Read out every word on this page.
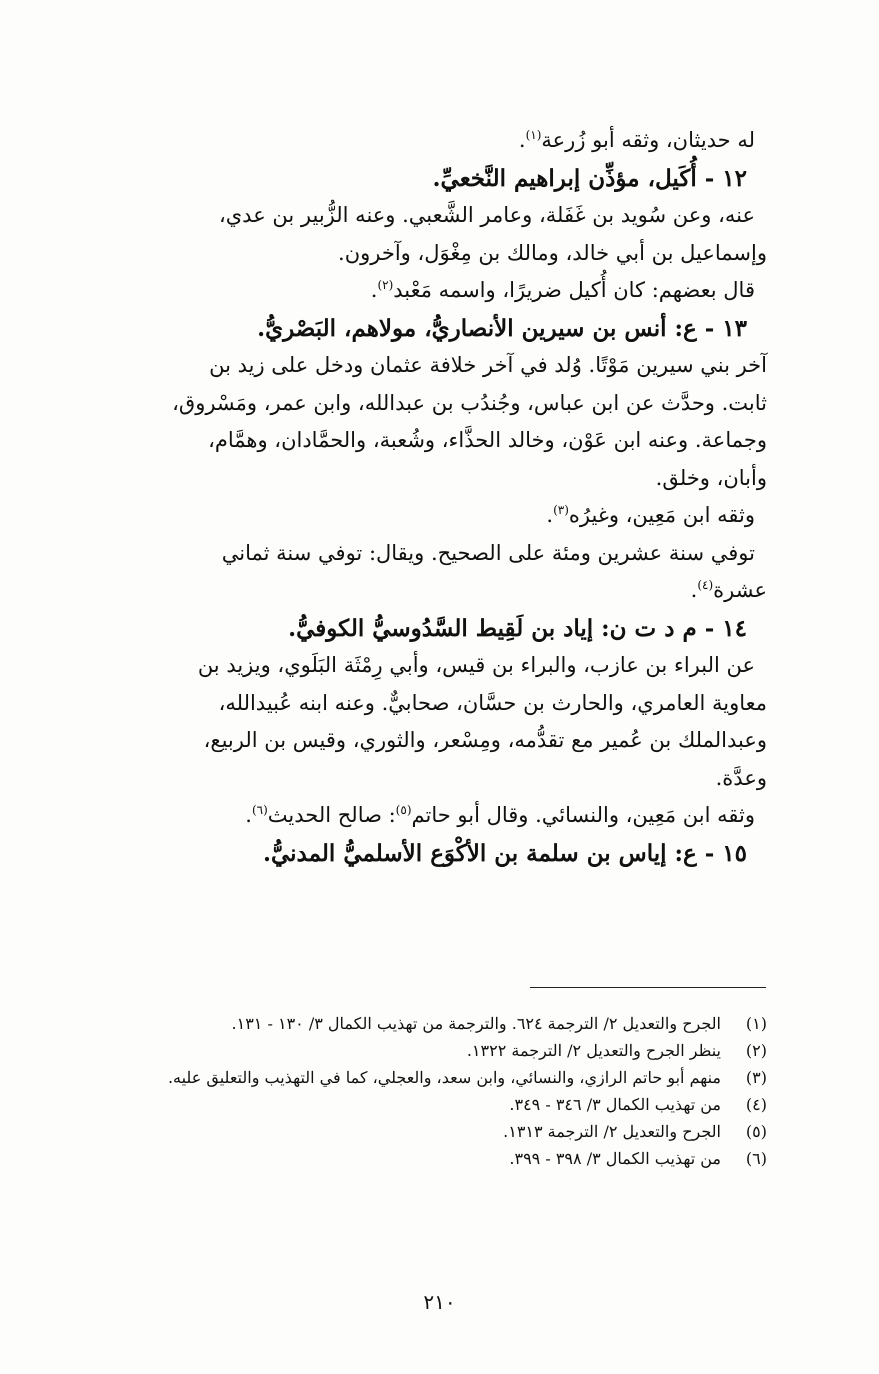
له حديثان، وثقه أبو زُرعة$^{(١)}$.
١٢ - أُكَيل، مؤذِّن إبراهيم النَّخعيِّ.
عنه، وعن سُويد بن غَفَلة، وعامر الشَّعبي. وعنه الزُّبير بن عدي،
وإسماعيل بن أبي خالد، ومالك بن مِغْوَل، وآخرون.
قال بعضهم: كان أُكيل ضريرًا، واسمه مَعْبد$^{(٢)}$.
١٣ - ع: أنس بن سيرين الأنصاريُّ، مولاهم، البَصْريُّ.
آخر بني سيرين مَوْتًا. وُلد في آخر خلافة عثمان ودخل على زيد بن
ثابت. وحدَّث عن ابن عباس، وجُندُب بن عبدالله، وابن عمر، ومَسْروق،
وجماعة. وعنه ابن عَوْن، وخالد الحذَّاء، وشُعبة، والحمَّادان، وهمَّام،
وأبان، وخلق.
وثقه ابن مَعِين، وغيرُه$^{(٣)}$.
توفي سنة عشرين ومئة على الصحيح. ويقال: توفي سنة ثماني
عشرة$^{(٤)}$.
١٤ - م د ت ن: إياد بن لَقِيط السَّدُوسيُّ الكوفيُّ.
عن البراء بن عازب، والبراء بن قيس، وأبي رِمْثَة البَلَوي، ويزيد بن
معاوية العامري، والحارث بن حسَّان، صحابيٌّ. وعنه ابنه عُبيدالله،
وعبدالملك بن عُمير مع تقدُّمه، ومِسْعر، والثوري، وقيس بن الربيع،
وعدَّة.
وثقه ابن مَعِين، والنسائي. وقال أبو حاتم$^{(٥)}$: صالح الحديث$^{(٦)}$.
١٥ - ع: إياس بن سلمة بن الأكْوَع الأسلميُّ المدنيُّ.
(١)
الجرح والتعديل ٢/ الترجمة ٦٢٤. والترجمة من تهذيب الكمال ٣/ ١٣٠ - ١٣١.
(٢)
ينظر الجرح والتعديل ٢/ الترجمة ١٣٢٢.
(٣)
منهم أبو حاتم الرازي، والنسائي، وابن سعد، والعجلي، كما في التهذيب والتعليق عليه.
(٤)
من تهذيب الكمال ٣/ ٣٤٦ - ٣٤٩.
(٥)
الجرح والتعديل ٢/ الترجمة ١٣١٣.
(٦)
من تهذيب الكمال ٣/ ٣٩٨ - ٣٩٩.
٢١٠
